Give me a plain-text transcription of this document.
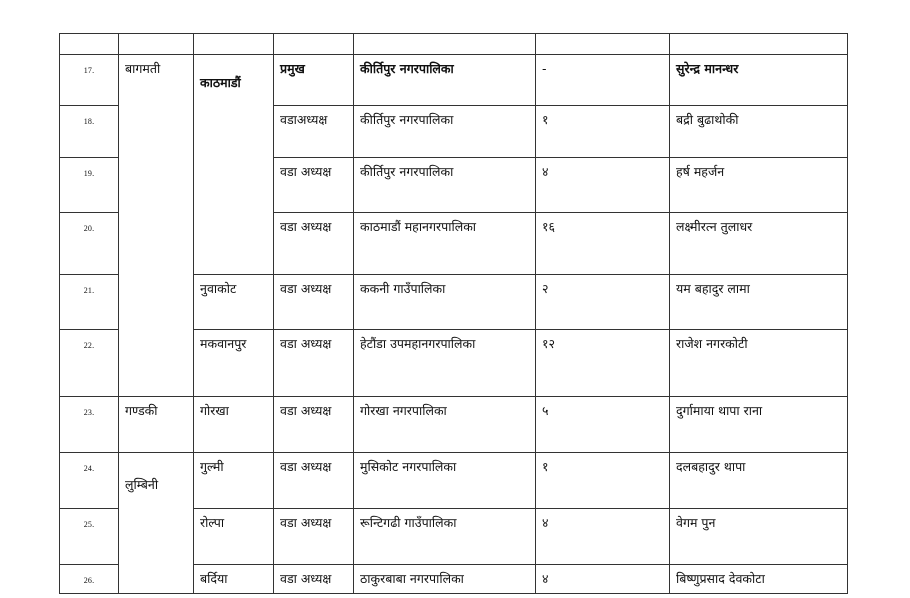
17.	बागमती	काठमाडौं	प्रमुख	कीर्तिपुर नगरपालिका	-	सुरेन्द्र मानन्धर

18.			वडाअध्यक्ष	कीर्तिपुर नगरपालिका	१	बद्री बुढाथोकी

19.			वडा अध्यक्ष	कीर्तिपुर नगरपालिका	४	हर्ष महर्जन

20.			वडा अध्यक्ष	काठमाडौं महानगरपालिका	१६	लक्ष्मीरत्न तुलाधर

21.		नुवाकोट	वडा अध्यक्ष	ककनी गाउँपालिका	२	यम बहादुर लामा

22.		मकवानपुर	वडा अध्यक्ष	हेटौंडा उपमहानगरपालिका	१२	राजेश नगरकोटी

23.	गण्डकी	गोरखा	वडा अध्यक्ष	गोरखा नगरपालिका	५	दुर्गामाया थापा राना

24.	लुम्बिनी	गुल्मी	वडा अध्यक्ष	मुसिकोट नगरपालिका	१	दलबहादुर थापा

25.		रोल्पा	वडा अध्यक्ष	रून्टिगढी गाउँपालिका	४	वेगम पुन

26.		बर्दिया	वडा अध्यक्ष	ठाकुरबाबा नगरपालिका	४	बिष्णुप्रसाद देवकोटा
